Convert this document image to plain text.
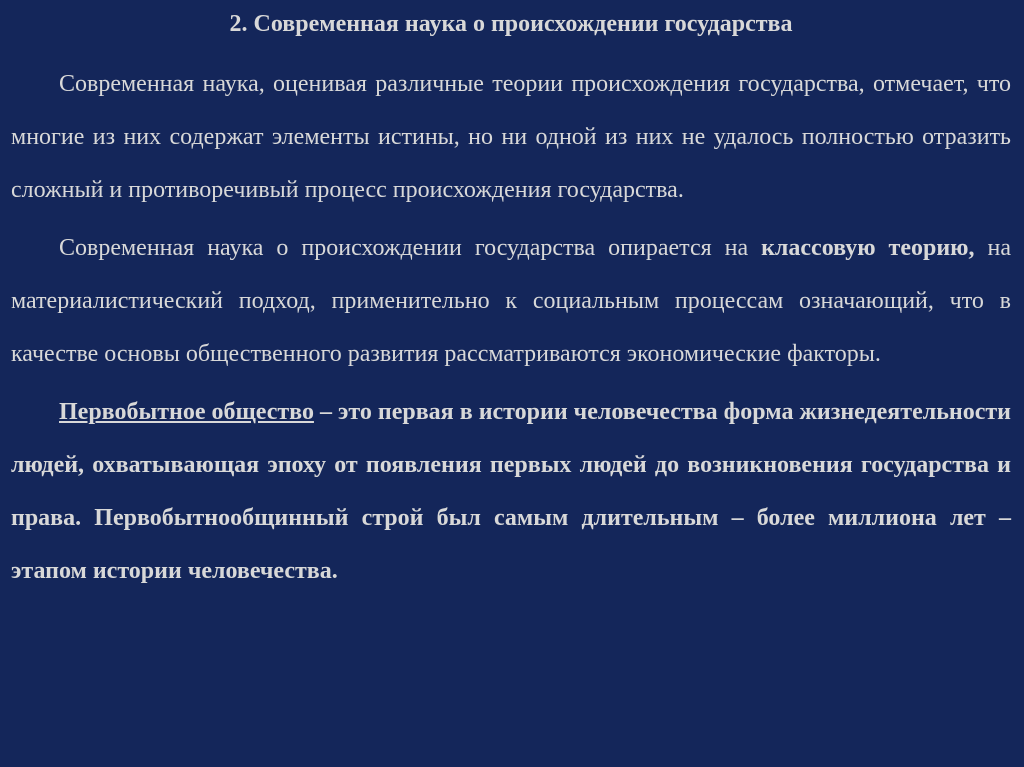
2. Современная наука о происхождении государства

Современная наука, оценивая различные теории происхождения государства, отмечает, что многие из них содержат элементы истины, но ни одной из них не удалось полностью отразить сложный и противоречивый процесс происхождения государства.

Современная наука о происхождении государства опирается на классовую теорию, на материалистический подход, применительно к социальным процессам означающий, что в качестве основы общественного развития рассматриваются экономические факторы.

Первобытное общество – это первая в истории человечества форма жизнедеятельности людей, охватывающая эпоху от появления первых людей до возникновения государства и права. Первобытнообщинный строй был самым длительным – более миллиона лет – этапом истории человечества.
